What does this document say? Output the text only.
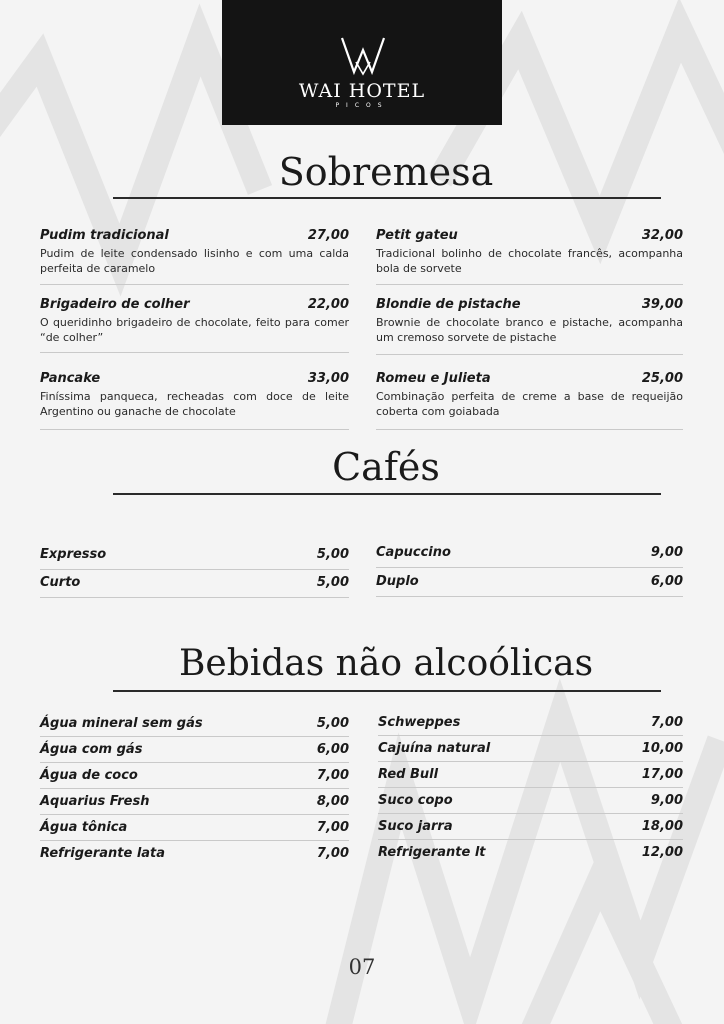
WAI HOTEL
PICOS
Sobremesa
Pudim tradicional	27,00
Pudim de leite condensado lisinho e com uma calda perfeita de caramelo
Brigadeiro de colher	22,00
O queridinho brigadeiro de chocolate, feito para comer “de colher”
Pancake	33,00
Finíssima panqueca, recheadas com doce de leite Argentino ou ganache de chocolate
Petit gateu	32,00
Tradicional bolinho de chocolate francês, acompanha bola de sorvete
Blondie de pistache	39,00
Brownie de chocolate branco e pistache, acompanha um cremoso sorvete de pistache
Romeu e Julieta	25,00
Combinação perfeita de creme a base de requeijão coberta com goiabada
Cafés
Expresso	5,00
Curto	5,00
Capuccino	9,00
Duplo	6,00
Bebidas não alcoólicas
Água mineral sem gás	5,00
Água com gás	6,00
Água de coco	7,00
Aquarius Fresh	8,00
Água tônica	7,00
Refrigerante lata	7,00
Schweppes	7,00
Cajuína natural	10,00
Red Bull	17,00
Suco copo	9,00
Suco jarra	18,00
Refrigerante lt	12,00
07
